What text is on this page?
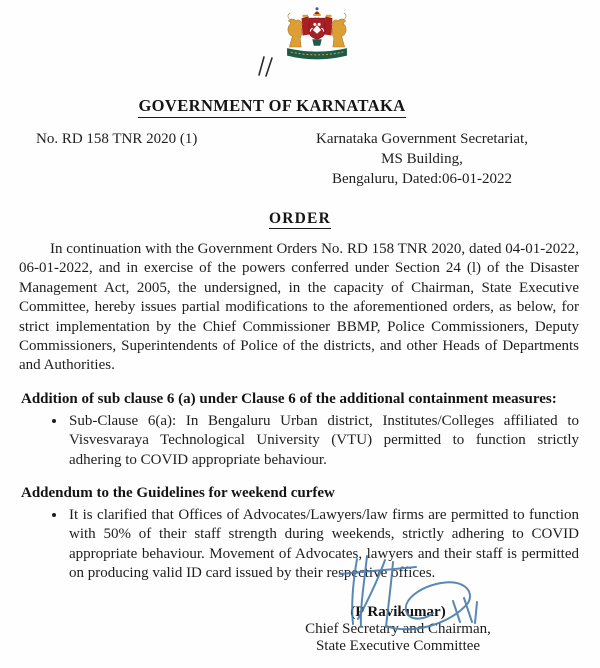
GOVERNMENT OF KARNATAKA
No. RD 158 TNR 2020 (1)	Karnataka Government Secretariat,
MS Building,
Bengaluru, Dated:06-01-2022
ORDER

In continuation with the Government Orders No. RD 158 TNR 2020, dated 04-01-2022, 06-01-2022, and in exercise of the powers conferred under Section 24 (l) of the Disaster Management Act, 2005, the undersigned, in the capacity of Chairman, State Executive Committee, hereby issues partial modifications to the aforementioned orders, as below, for strict implementation by the Chief Commissioner BBMP, Police Commissioners, Deputy Commissioners, Superintendents of Police of the districts, and other Heads of Departments and Authorities.

Addition of sub clause 6 (a) under Clause 6 of the additional containment measures:
• Sub-Clause 6(a): In Bengaluru Urban district, Institutes/Colleges affiliated to Visvesvaraya Technological University (VTU) permitted to function strictly adhering to COVID appropriate behaviour.
Addendum to the Guidelines for weekend curfew
• It is clarified that Offices of Advocates/Lawyers/law firms are permitted to function with 50% of their staff strength during weekends, strictly adhering to COVID appropriate behaviour. Movement of Advocates, lawyers and their staff is permitted on producing valid ID card issued by their respective offices.
(P Ravikumar)
Chief Secretary and Chairman,
State Executive Committee
